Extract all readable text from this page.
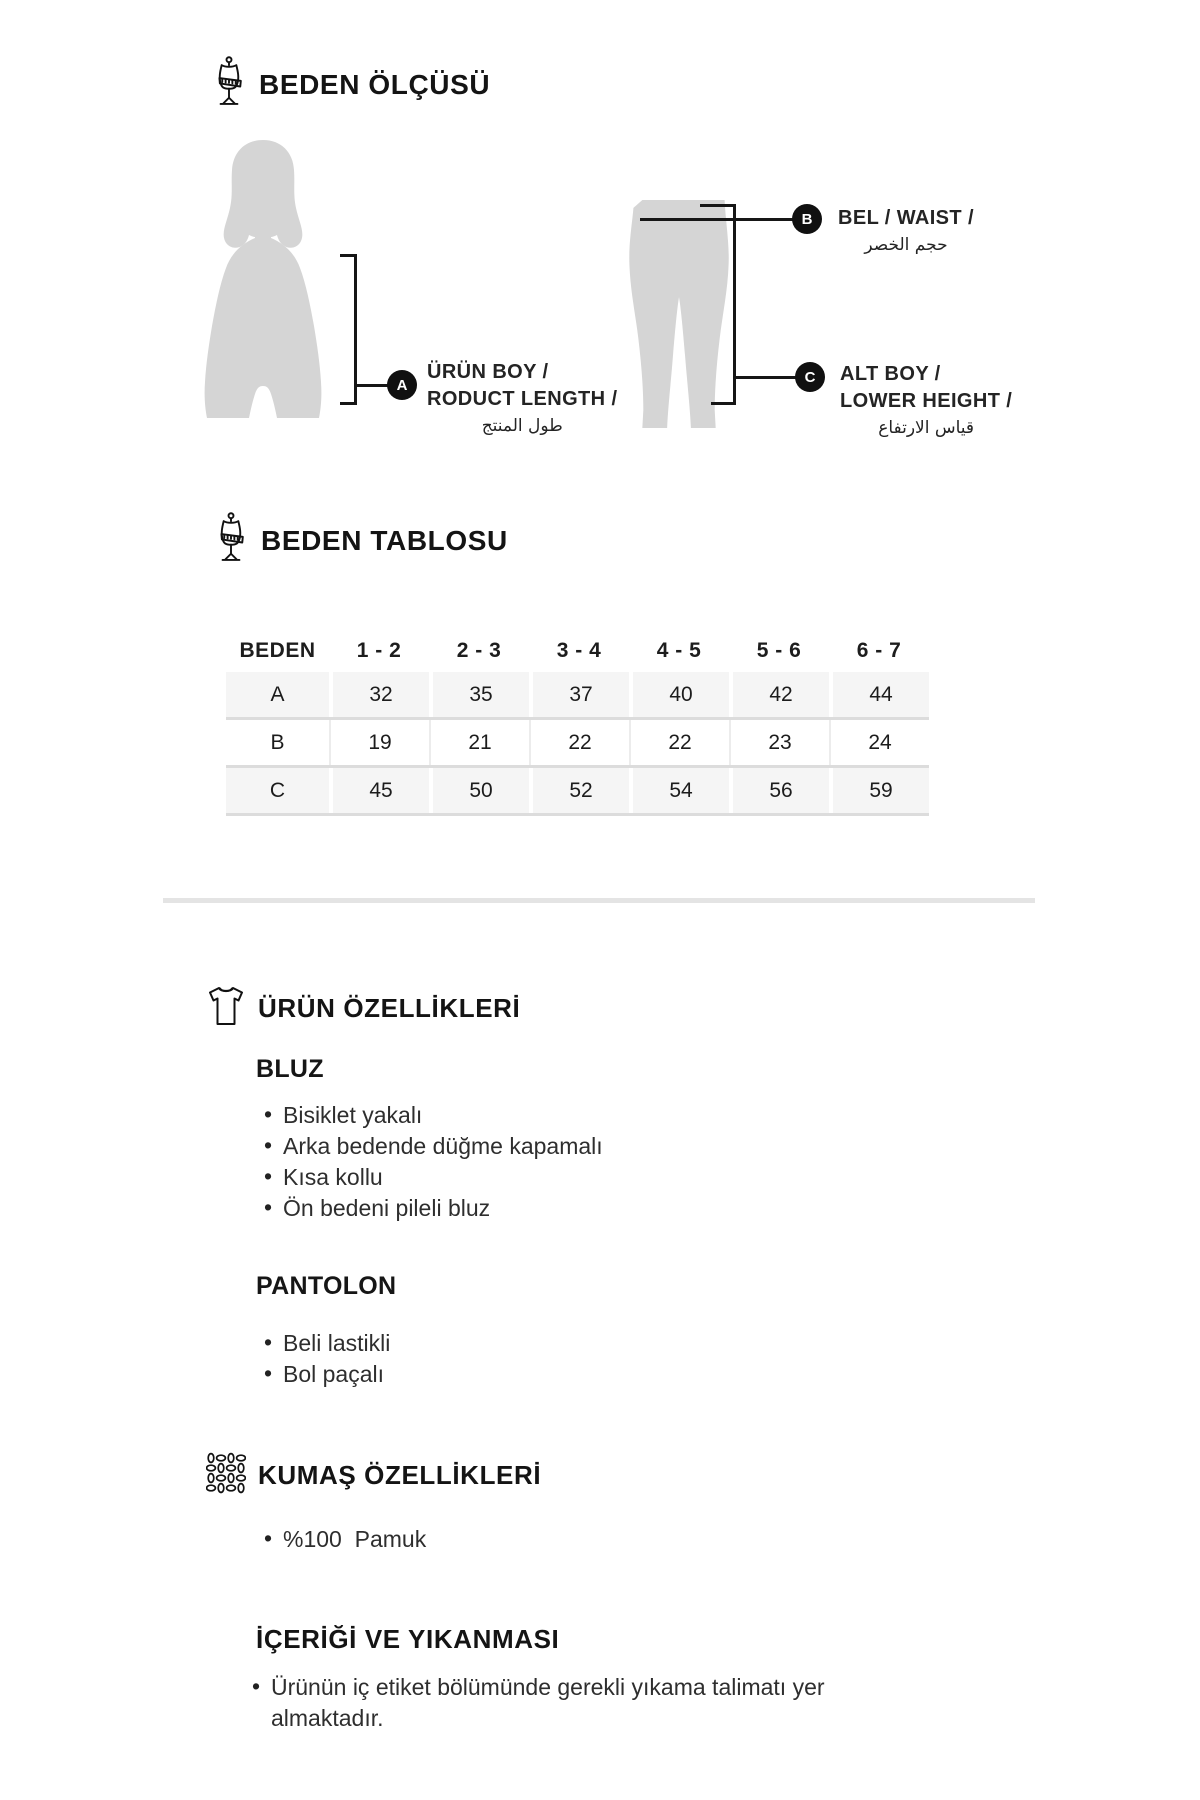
BEDEN ÖLÇÜSÜ
A
ÜRÜN BOY /
RODUCT LENGTH /
طول المنتج
B	BEL / WAIST /
حجم الخصر
C	ALT BOY /
LOWER HEIGHT /
قياس الارتفاع
BEDEN TABLOSU
BEDEN	1 - 2	2 - 3	3 - 4	4 - 5	5 - 6	6 - 7
A	32	35	37	40	42	44
B	19	21	22	22	23	24
C	45	50	52	54	56	59
ÜRÜN ÖZELLİKLERİ
BLUZ
• Bisiklet yakalı
• Arka bedende düğme kapamalı
• Kısa kollu
• Ön bedeni pileli bluz
PANTOLON
• Beli lastikli
• Bol paçalı
KUMAŞ ÖZELLİKLERİ
• %100  Pamuk
İÇERİĞİ VE YIKANMASI
• Ürünün iç etiket bölümünde gerekli yıkama talimatı yer almaktadır.
